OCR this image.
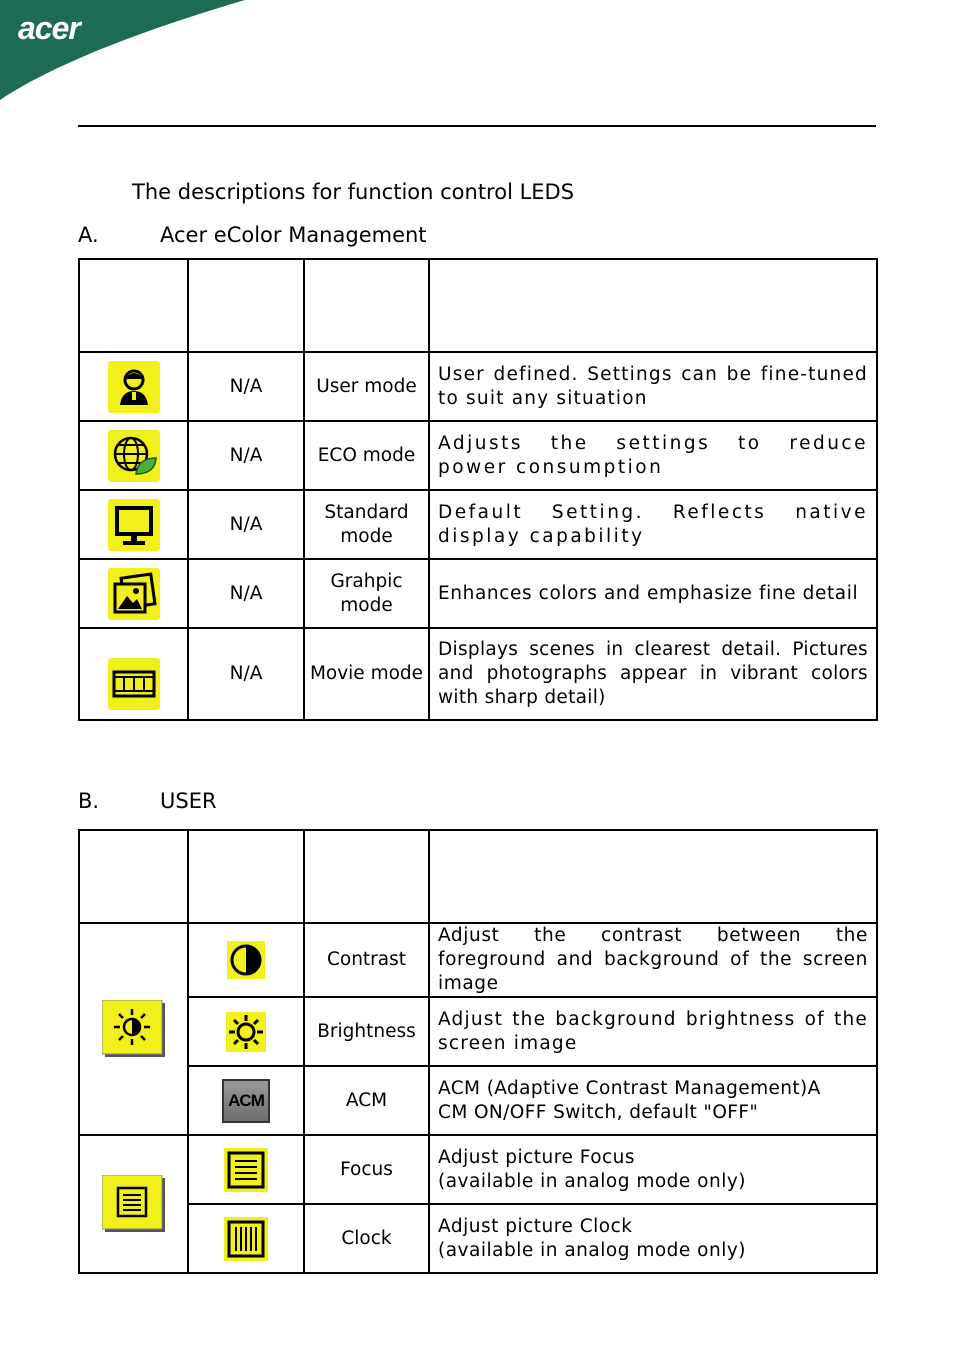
acer
The descriptions for function control LEDS
A.	Acer eColor Management

	N/A	User mode	User defined. Settings can be fine-tuned to suit any situation

	N/A	ECO mode	Adjusts the settings to reduce power consumption

	N/A	Standard mode	Default Setting. Reflects native display capability

	N/A	Grahpic mode	Enhances colors and emphasize fine detail

	N/A	Movie mode	Displays scenes in clearest detail. Pictures and photographs appear in vibrant colors with sharp detail)
B.	USER

	Contrast	Adjust the contrast between the foreground and background of the screen image

	Brightness	Adjust the background brightness of the screen image
	ACM	ACM	ACM (Adaptive Contrast Management)A
CM ON/OFF Switch, default "OFF"

	Focus	Adjust picture Focus
(available in analog mode only)

	Clock	Adjust picture Clock
(available in analog mode only)
